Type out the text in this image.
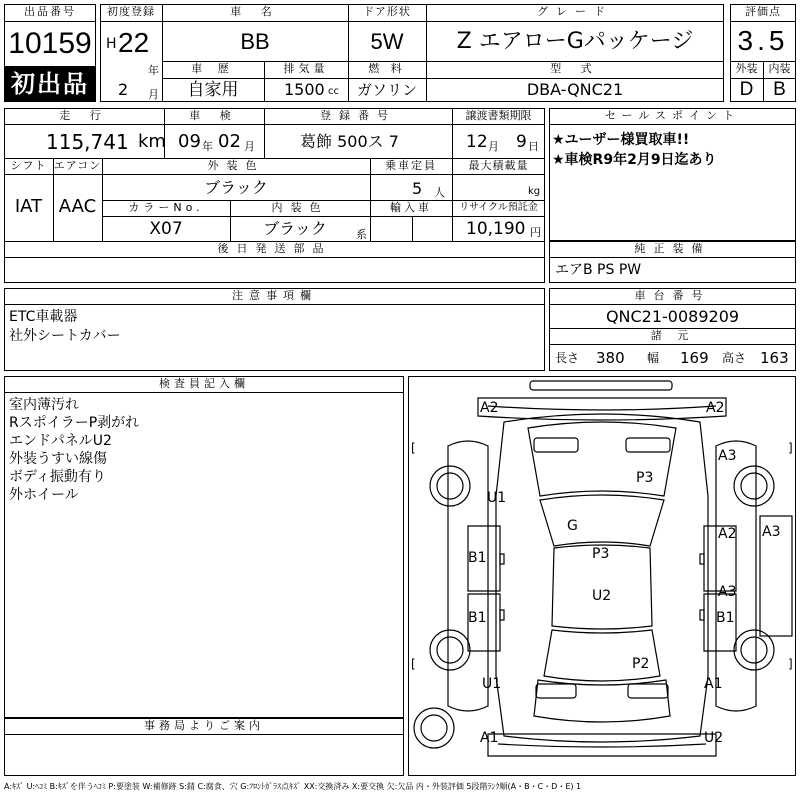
出品番号
10159
初出品
初度登録
H 22
年
2 月
車 名
BB
ドア形状
5W
グレード
Z エアローGパッケージ
車 歴
自家用
排気量
1500 cc
燃 料
ガソリン
型 式
DBA-QNC21
評価点
3.5
外装	内装
D	B
走 行
115,741 km
車 検
09 年 02 月
登録番号
葛飾 500ス 7
譲渡書類期限
12 月 9 日
シフト エアコン
IAT AAC
外装色
ブラック
乗車定員
5 人
最大積載量
kg
カラーNo.
X07
内装色
ブラック	系
輸入車	リサイクル預託金
10,190 円
後日発送部品
セールスポイント
★ユーザー様買取車!!
★車検R9年2月9日迄あり
純正装備
エアB PS PW
注意事項欄
ETC車載器
社外シートカバー
車台番号
QNC21-0089209
諸 元
長さ 380 幅 169 高さ 163
検査員記入欄
室内薄汚れ
RスポイラーP剥がれ
エンドパネルU2
外装うすい線傷
ボディ振動有り
外ホイール
事務局よりご案内
[
[
]
]
A2	A2
A3
P3
U1
G	A2 A3
B1	P3
U2	A3
B1	B1
P2
U1	A1
A1	U2
A:ｷｽﾞ U:ﾍｺﾐ B:ｷｽﾞを伴うﾍｺﾐ P:要塗装 W:補修跡 S:錆 C:腐食、穴 G:ﾌﾛﾝﾄｶﾞﾗｽ点ｷｽﾞ XX:交換済み X:要交換 欠:欠品 内・外装評価 5段階ﾗﾝｸ順(A・B・C・D・E) 1
